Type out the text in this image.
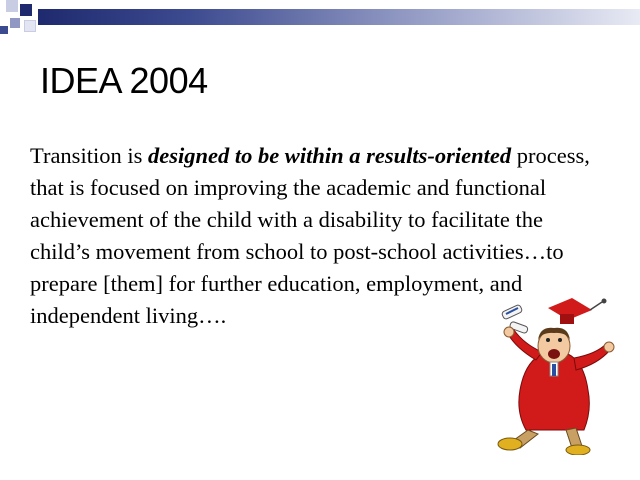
IDEA 2004
Transition is designed to be within a results-oriented process, that is focused on improving the academic and functional achievement of the child with a disability to facilitate the child’s movement from school to post-school activities…to prepare [them] for further education, employment, and independent living….
